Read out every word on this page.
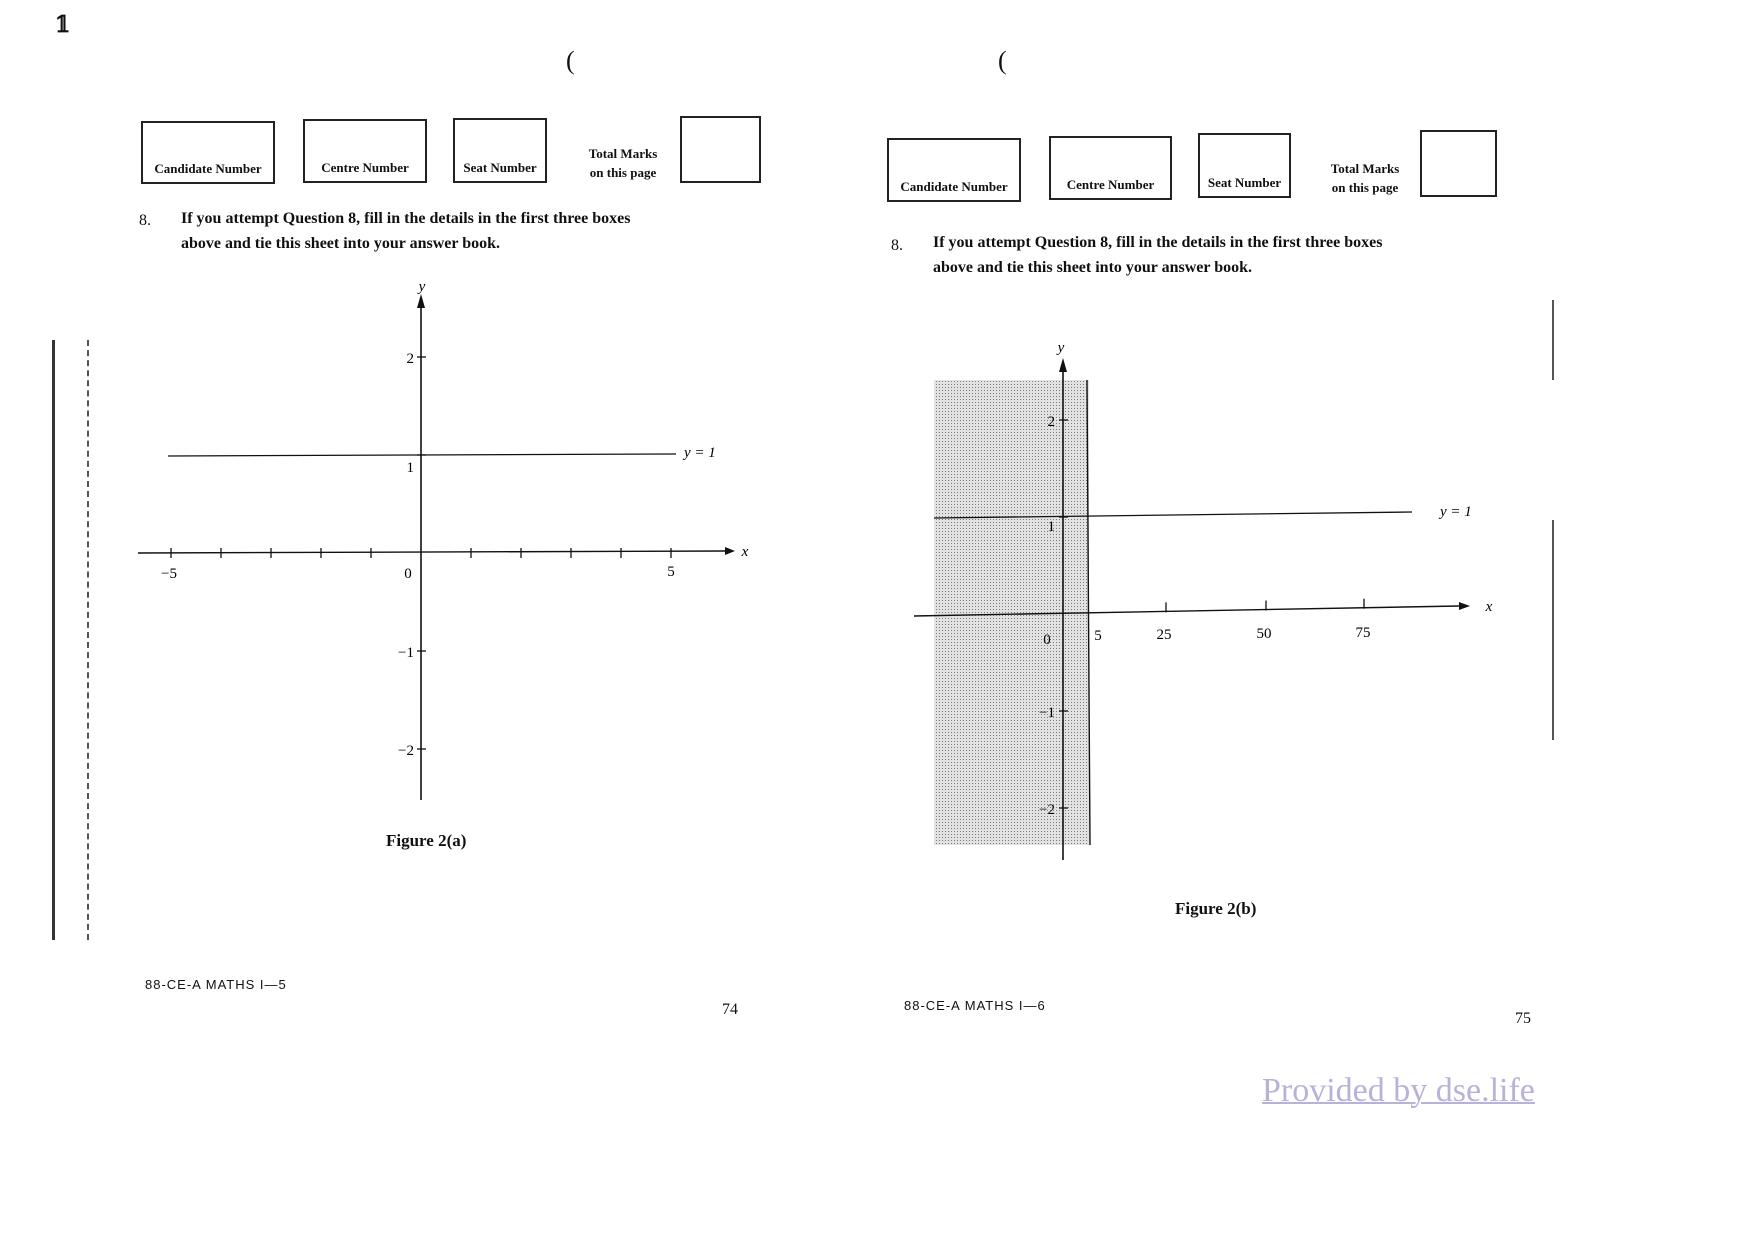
𝟙
(
Candidate Number	Centre Number	Seat Number
Total Marks
on this page
8. If you attempt Question 8, fill in the details in the first three boxes
above and tie this sheet into your answer book.
−5	0	5
2
1
−1
−2
x
y
y = 1
Figure 2(a)
88-CE-A MATHS I—5
74
(
Candidate Number	Centre Number	Seat Number
Total Marks
on this page
8. If you attempt Question 8, fill in the details in the first three boxes
above and tie this sheet into your answer book.
2
1
−1
−2
0	5	25	50	75
x
y
y = 1
Figure 2(b)
88-CE-A MATHS I—6
75
Provided by dse.life
